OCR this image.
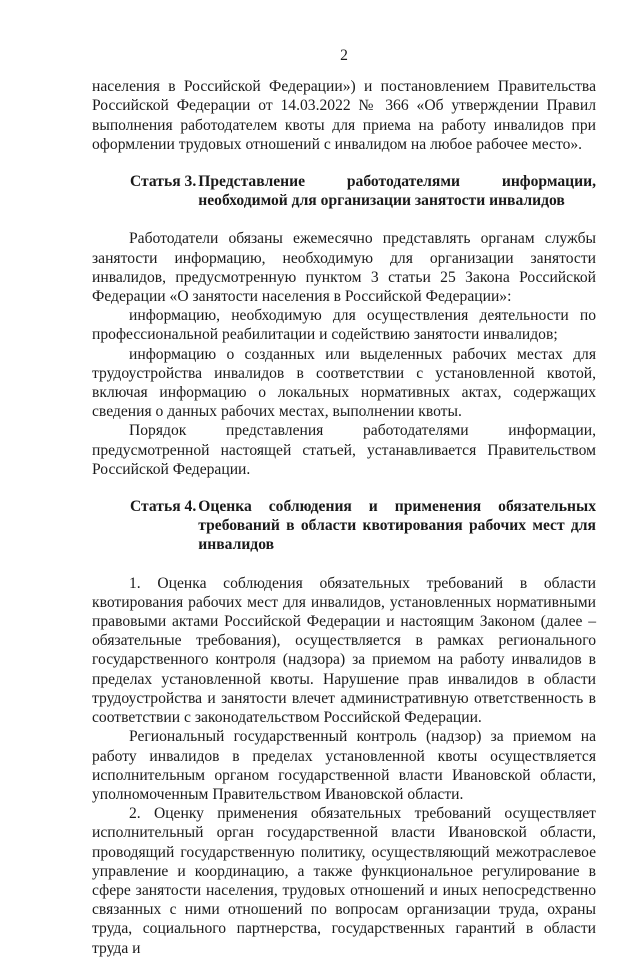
2

населения в Российской Федерации») и постановлением Правительства Российской Федерации от 14.03.2022 № 366 «Об утверждении Правил выполнения работодателем квоты для приема на работу инвалидов при оформлении трудовых отношений с инвалидом на любое рабочее место».

Статья 3. Представление работодателями информации, необходимой для организации занятости инвалидов

Работодатели обязаны ежемесячно представлять органам службы занятости информацию, необходимую для организации занятости инвалидов, предусмотренную пунктом 3 статьи 25 Закона Российской Федерации «О занятости населения в Российской Федерации»:

информацию, необходимую для осуществления деятельности по профессиональной реабилитации и содействию занятости инвалидов;

информацию о созданных или выделенных рабочих местах для трудоустройства инвалидов в соответствии с установленной квотой, включая информацию о локальных нормативных актах, содержащих сведения о данных рабочих местах, выполнении квоты.

Порядок представления работодателями информации, предусмотренной настоящей статьей, устанавливается Правительством Российской Федерации.

Статья 4. Оценка соблюдения и применения обязательных требований в области квотирования рабочих мест для инвалидов

1. Оценка соблюдения обязательных требований в области квотирования рабочих мест для инвалидов, установленных нормативными правовыми актами Российской Федерации и настоящим Законом (далее – обязательные требования), осуществляется в рамках регионального государственного контроля (надзора) за приемом на работу инвалидов в пределах установленной квоты. Нарушение прав инвалидов в области трудоустройства и занятости влечет административную ответственность в соответствии с законодательством Российской Федерации.

Региональный государственный контроль (надзор) за приемом на работу инвалидов в пределах установленной квоты осуществляется исполнительным органом государственной власти Ивановской области, уполномоченным Правительством Ивановской области.

2. Оценку применения обязательных требований осуществляет исполнительный орган государственной власти Ивановской области, проводящий государственную политику, осуществляющий межотраслевое управление и координацию, а также функциональное регулирование в сфере занятости населения, трудовых отношений и иных непосредственно связанных с ними отношений по вопросам организации труда, охраны труда, социального партнерства, государственных гарантий в области труда и
